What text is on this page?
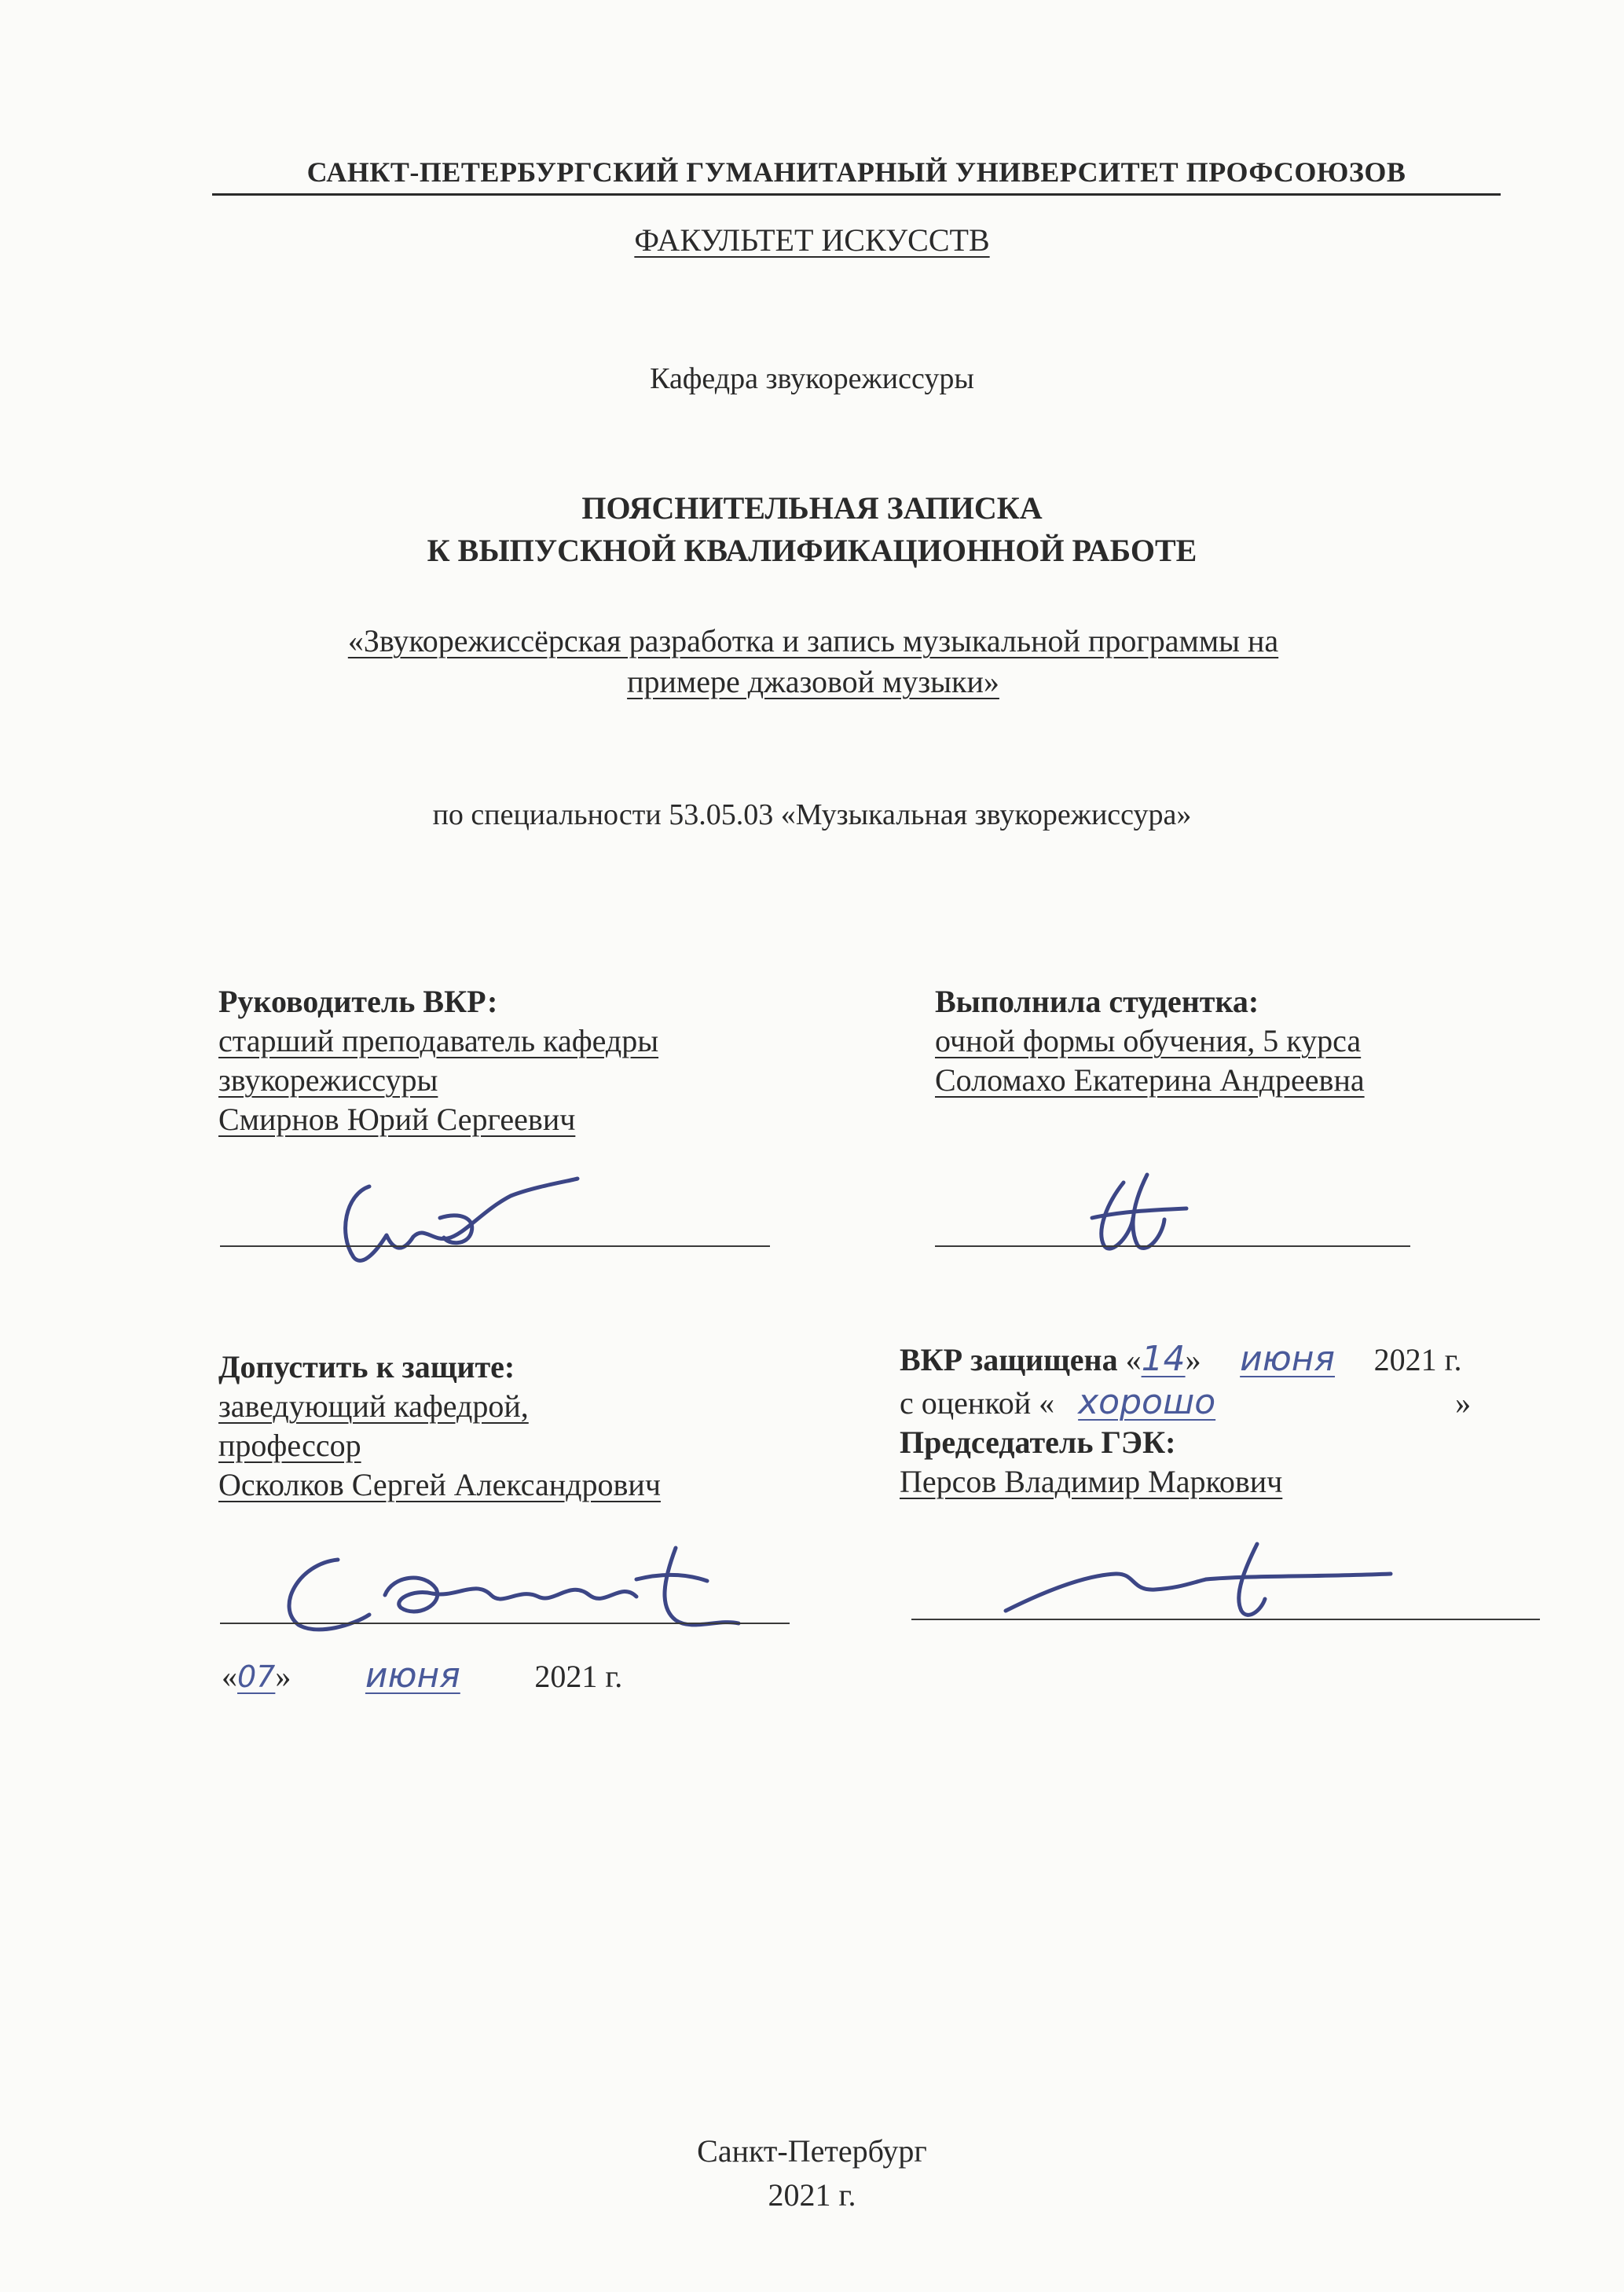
САНКТ-ПЕТЕРБУРГСКИЙ ГУМАНИТАРНЫЙ УНИВЕРСИТЕТ ПРОФСОЮЗОВ
ФАКУЛЬТЕТ ИСКУССТВ
Кафедра звукорежиссуры
ПОЯСНИТЕЛЬНАЯ ЗАПИСКА
К ВЫПУСКНОЙ КВАЛИФИКАЦИОННОЙ РАБОТЕ
«Звукорежиссёрская разработка и запись музыкальной программы на
примере джазовой музыки»
по специальности 53.05.03 «Музыкальная звукорежиссура»
Руководитель ВКР:
старший преподаватель кафедры
звукорежиссуры
Смирнов Юрий Сергеевич
Выполнила студентка:
очной формы обучения, 5 курса
Соломахо Екатерина Андреевна
Допустить к защите:
заведующий кафедрой,
профессор
Осколков Сергей Александрович
«07» июня 2021 г.
ВКР защищена «14» июня 2021 г.
с оценкой « хорошо	»
Председатель ГЭК:
Персов Владимир Маркович
Санкт-Петербург
2021 г.
